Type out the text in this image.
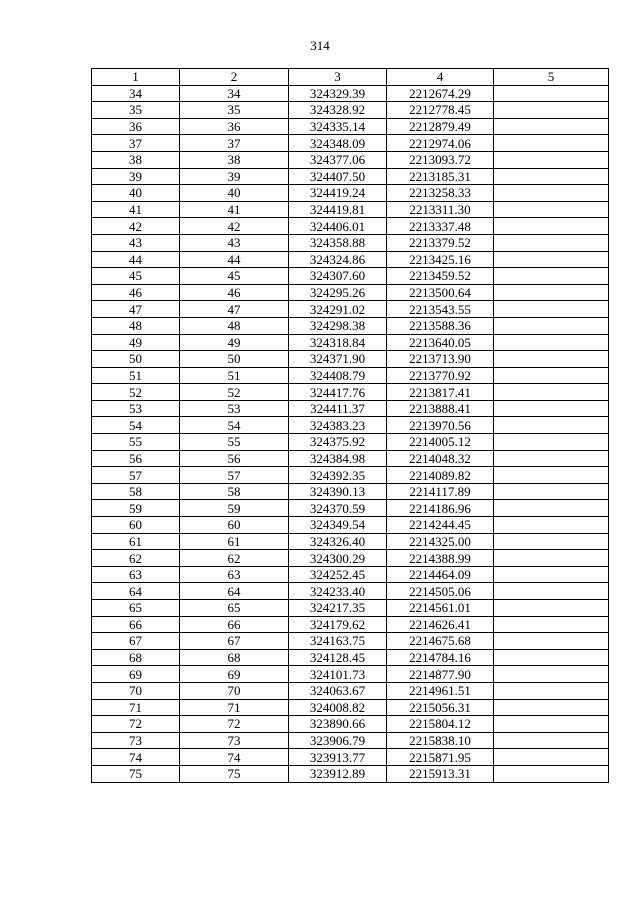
314
1	2	3	4	5
34	34	324329.39	2212674.29	
35	35	324328.92	2212778.45	
36	36	324335.14	2212879.49	
37	37	324348.09	2212974.06	
38	38	324377.06	2213093.72	
39	39	324407.50	2213185.31	
40	40	324419.24	2213258.33	
41	41	324419.81	2213311.30	
42	42	324406.01	2213337.48	
43	43	324358.88	2213379.52	
44	44	324324.86	2213425.16	
45	45	324307.60	2213459.52	
46	46	324295.26	2213500.64	
47	47	324291.02	2213543.55	
48	48	324298.38	2213588.36	
49	49	324318.84	2213640.05	
50	50	324371.90	2213713.90	
51	51	324408.79	2213770.92	
52	52	324417.76	2213817.41	
53	53	324411.37	2213888.41	
54	54	324383.23	2213970.56	
55	55	324375.92	2214005.12	
56	56	324384.98	2214048.32	
57	57	324392.35	2214089.82	
58	58	324390.13	2214117.89	
59	59	324370.59	2214186.96	
60	60	324349.54	2214244.45	
61	61	324326.40	2214325.00	
62	62	324300.29	2214388.99	
63	63	324252.45	2214464.09	
64	64	324233.40	2214505.06	
65	65	324217.35	2214561.01	
66	66	324179.62	2214626.41	
67	67	324163.75	2214675.68	
68	68	324128.45	2214784.16	
69	69	324101.73	2214877.90	
70	70	324063.67	2214961.51	
71	71	324008.82	2215056.31	
72	72	323890.66	2215804.12	
73	73	323906.79	2215838.10	
74	74	323913.77	2215871.95	
75	75	323912.89	2215913.31	
